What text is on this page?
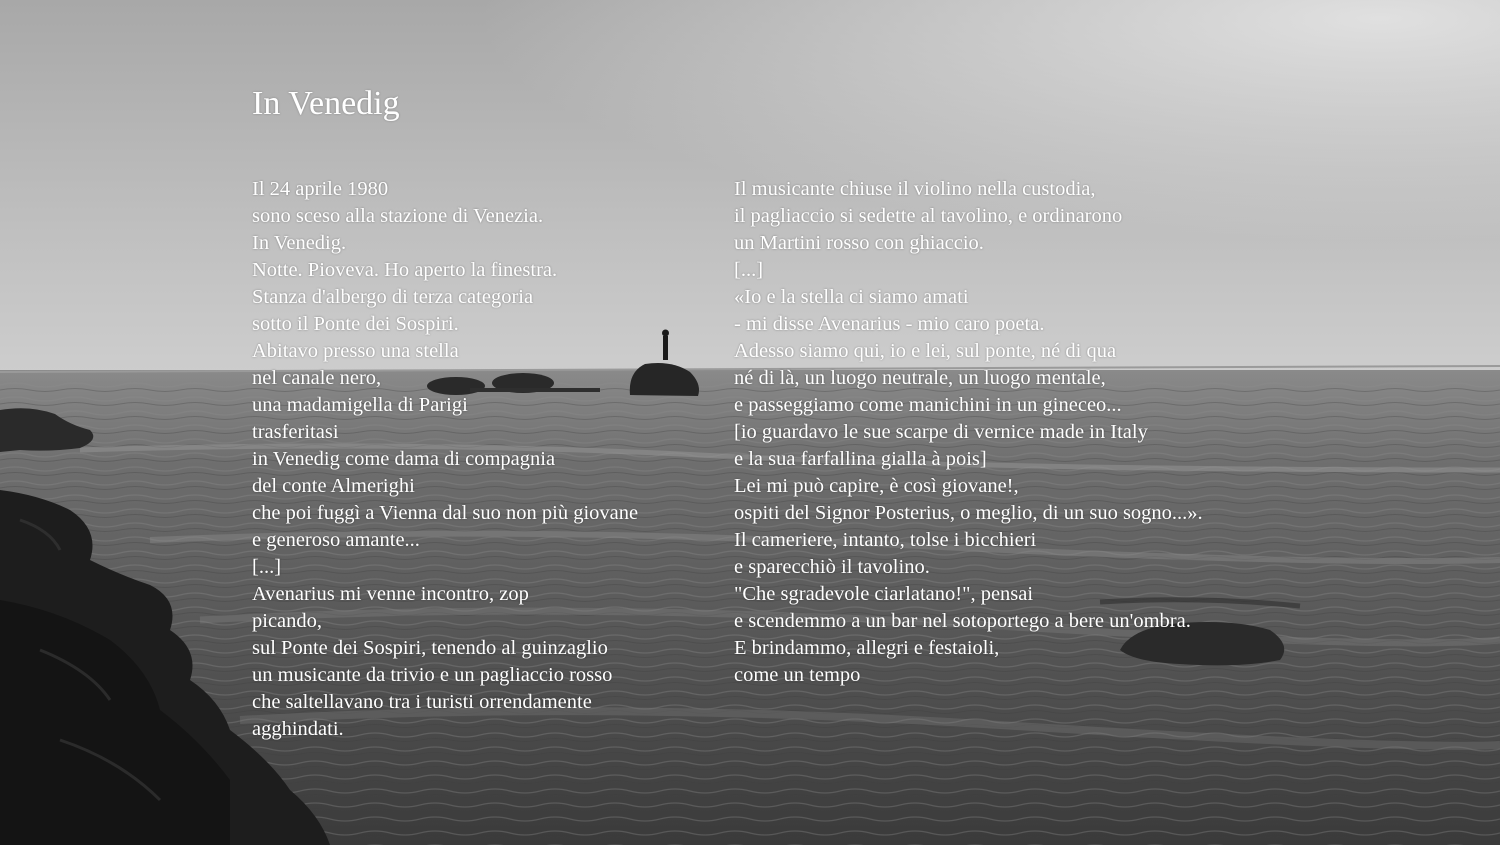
In Venedig
Il 24 aprile 1980
sono sceso alla stazione di Venezia.
In Venedig.
Notte. Pioveva. Ho aperto la finestra.
Stanza d'albergo di terza categoria
sotto il Ponte dei Sospiri.
Abitavo presso una stella
nel canale nero,
una madamigella di Parigi
trasferitasi
in Venedig come dama di compagnia
del conte Almerighi
che poi fuggì a Vienna dal suo non più giovane
e generoso amante...
[...]
Avenarius mi venne incontro, zop
picando,
sul Ponte dei Sospiri, tenendo al guinzaglio
un musicante da trivio e un pagliaccio rosso
che saltellavano tra i turisti orrendamente
agghindati.
Il musicante chiuse il violino nella custodia,
il pagliaccio si sedette al tavolino, e ordinarono
un Martini rosso con ghiaccio.
[...]
«Io e la stella ci siamo amati
- mi disse Avenarius - mio caro poeta.
Adesso siamo qui, io e lei, sul ponte, né di qua
né di là, un luogo neutrale, un luogo mentale,
e passeggiamo come manichini in un gineceo...
[io guardavo le sue scarpe di vernice made in Italy
e la sua farfallina gialla à pois]
Lei mi può capire, è così giovane!,
ospiti del Signor Posterius, o meglio, di un suo sogno...».
Il cameriere, intanto, tolse i bicchieri
e sparecchiò il tavolino.
"Che sgradevole ciarlatano!", pensai
e scendemmo a un bar nel sotoportego a bere un'ombra.
E brindammo, allegri e festaioli,
come un tempo
